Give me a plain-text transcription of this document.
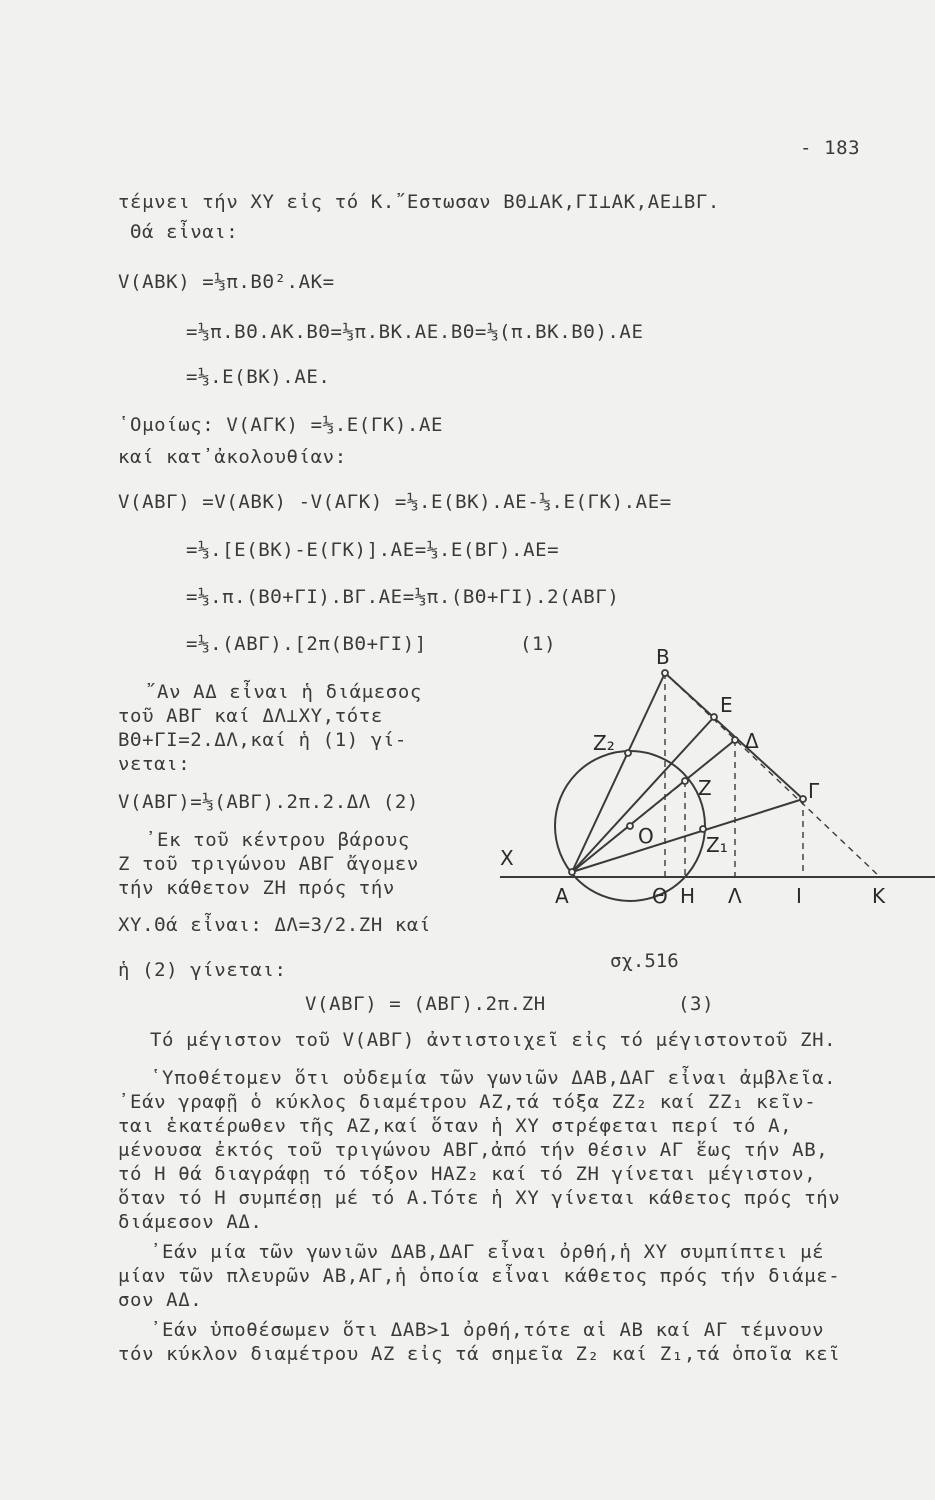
- 183
τέμνει τήν ΧΥ εἰς τό Κ.῎Εστωσαν ΒΘ⊥ΑΚ,ΓΙ⊥ΑΚ,ΑΕ⊥ΒΓ.
Θά εἶναι:
V(ΑΒΚ) =⅓π.ΒΘ².ΑΚ=
=⅓π.ΒΘ.ΑΚ.ΒΘ=⅓π.ΒΚ.ΑΕ.ΒΘ=⅓(π.ΒΚ.ΒΘ).ΑΕ
=⅓.Ε(ΒΚ).ΑΕ.
῾Ομοίως: V(ΑΓΚ) =⅓.Ε(ΓΚ).ΑΕ
καί κατ᾿ἀκολουθίαν:
V(ΑΒΓ) =V(ΑΒΚ) -V(ΑΓΚ) =⅓.Ε(ΒΚ).ΑΕ-⅓.Ε(ΓΚ).ΑΕ=
=⅓.[Ε(ΒΚ)-Ε(ΓΚ)].ΑΕ=⅓.Ε(ΒΓ).ΑΕ=
=⅓.π.(ΒΘ+ΓΙ).ΒΓ.ΑΕ=⅓π.(ΒΘ+ΓΙ).2(ΑΒΓ)
=⅓.(ΑΒΓ).[2π(ΒΘ+ΓΙ)]	(1)
῎Αν ΑΔ εἶναι ἡ διάμεσος
τοῦ ΑΒΓ καί ΔΛ⊥ΧΥ,τότε
ΒΘ+ΓΙ=2.ΔΛ,καί ἡ (1) γί-
νεται:
V(ΑΒΓ)=⅓(ΑΒΓ).2π.2.ΔΛ (2)
᾿Εκ τοῦ κέντρου βάρους
Ζ τοῦ τριγώνου ΑΒΓ ἄγομεν
τήν κάθετον ΖΗ πρός τήν
ΧΥ.Θά εἶναι: ΔΛ=3/2.ΖΗ καί
ἡ (2) γίνεται:	σχ.516
V(ΑΒΓ) = (ΑΒΓ).2π.ΖΗ	(3)
Τό μέγιστον τοῦ V(ΑΒΓ) ἀντιστοιχεῖ εἰς τό μέγιστοντοῦ ΖΗ.
῾Υποθέτομεν ὅτι οὐδεμία τῶν γωνιῶν ΔΑΒ,ΔΑΓ εἶναι ἀμβλεῖα.
᾿Εάν γραφῇ ὁ κύκλος διαμέτρου ΑΖ,τά τόξα ΖΖ₂ καί ΖΖ₁ κεῖν-
ται ἑκατέρωθεν τῆς ΑΖ,καί ὅταν ἡ ΧΥ στρέφεται περί τό Α,
μένουσα ἐκτός τοῦ τριγώνου ΑΒΓ,ἀπό τήν θέσιν ΑΓ ἕως τήν ΑΒ,
τό Η θά διαγράφῃ τό τόξον ΗΑΖ₂ καί τό ΖΗ γίνεται μέγιστον,
ὅταν τό Η συμπέσῃ μέ τό Α.Τότε ἡ ΧΥ γίνεται κάθετος πρός τήν
διάμεσον ΑΔ.
᾿Εάν μία τῶν γωνιῶν ΔΑΒ,ΔΑΓ εἶναι ὀρθή,ἡ ΧΥ συμπίπτει μέ
μίαν τῶν πλευρῶν ΑΒ,ΑΓ,ἡ ὁποία εἶναι κάθετος πρός τήν διάμε-
σον ΑΔ.
᾿Εάν ὑποθέσωμεν ὅτι ΔΑΒ>1 ὀρθή,τότε αἱ ΑΒ καί ΑΓ τέμνουν
τόν κύκλον διαμέτρου ΑΖ εἰς τά σημεῖα Ζ₂ καί Ζ₁,τά ὁποῖα κεῖ
Β
Ε
Δ
Γ
Ζ
Ζ₂
Ζ₁
Ο
Χ
Α	Θ Η Λ	Ι	Κ
